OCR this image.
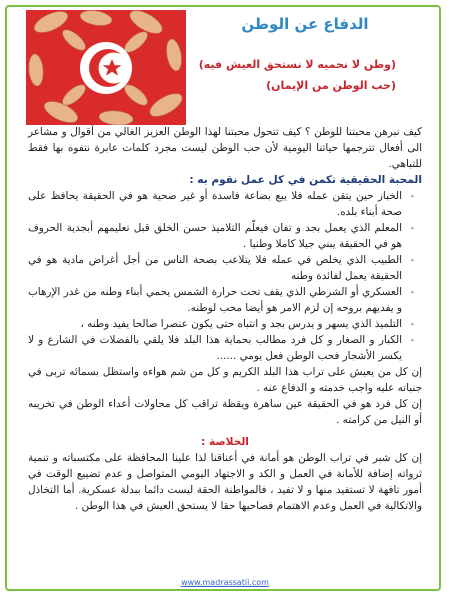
الدفاع عن الوطن
(وطن لا نحميه لا نستحق العيش فيه)
(حب الوطن من الإيمان)

كيف نبرهن محبتنا للوطن ؟ كيف تتحول محبتنا لهذا الوطن العزيز الغالي من أقوال و مشاعر الى أفعال تترجمها حياتنا اليومية لأن حب الوطن ليست مجرد كلمات عابرة نتفوه بها فقط للتباهي.

المحبة الحقيقية تكمن في كل عمل نقوم به :

- الخباز حين يتقن عمله فلا يبع بضاعة فاسدة أو غير صحية هو في الحقيقة يحافظ على صحة أبناء بلده.
- المعلم الذي يعمل بجد و تفان فيعلّم التلاميذ حسن الخلق قبل تعليمهم أبجدية الحروف هو في الحقيقة يبني جيلا كاملا وطنيا .
- الطبيب الذي يخلص في عمله فلا يتلاعب بصحة الناس من أجل أغراض مادية هو في الحقيقة يعمل لفائدة وطنه
- العسكري أو الشرطي الذي يقف تحت حرارة الشمس يحمي أبناء وطنه من غدر الإرهاب و يفديهم بروحه إن لزم الامر هو أيضا محب لوطنه.
- التلميذ الذي يسهر و يدرس بجد و انتباه حتى يكون عنصرا صالحا يفيد وطنه ،
- الكبار و الصغار و كل فرد مطالب بحماية هذا البلد فلا يلقي بالفضلات في الشارع و لا يكسر الأشجار فحب الوطن فعل يومي ......

إن كل من يعيش على تراب هذا البلد الكريم و كل من شم هواءه واستظل بسمائه تربى في جنباته عليه واجب خدمته و الدفاع عنه .

إن كل فرد هو في الحقيقة عين ساهرة ويقظة تراقب كل محاولات أعداء الوطن في تخريبه أو النيل من كرامته .

الخلاصة :

إن كل شبر في تراب الوطن هو أمانة في أعناقنا لذا علينا المحافظة على مكتسباته و تنمية ثرواته إضافة للأمانة في العمل و الكد و الاجتهاد اليومي المتواصل و عدم تضييع الوقت في أمور تافهة لا تستفيد منها و لا تفيد ، فالمواطنة الحقة ليست دائما ببدلة عسكرية. أما التخاذل والاتكالية في العمل وعدم الاهتمام فصاحبها حقا لا يستحق العيش في هذا الوطن .

www.madrassatii.com
